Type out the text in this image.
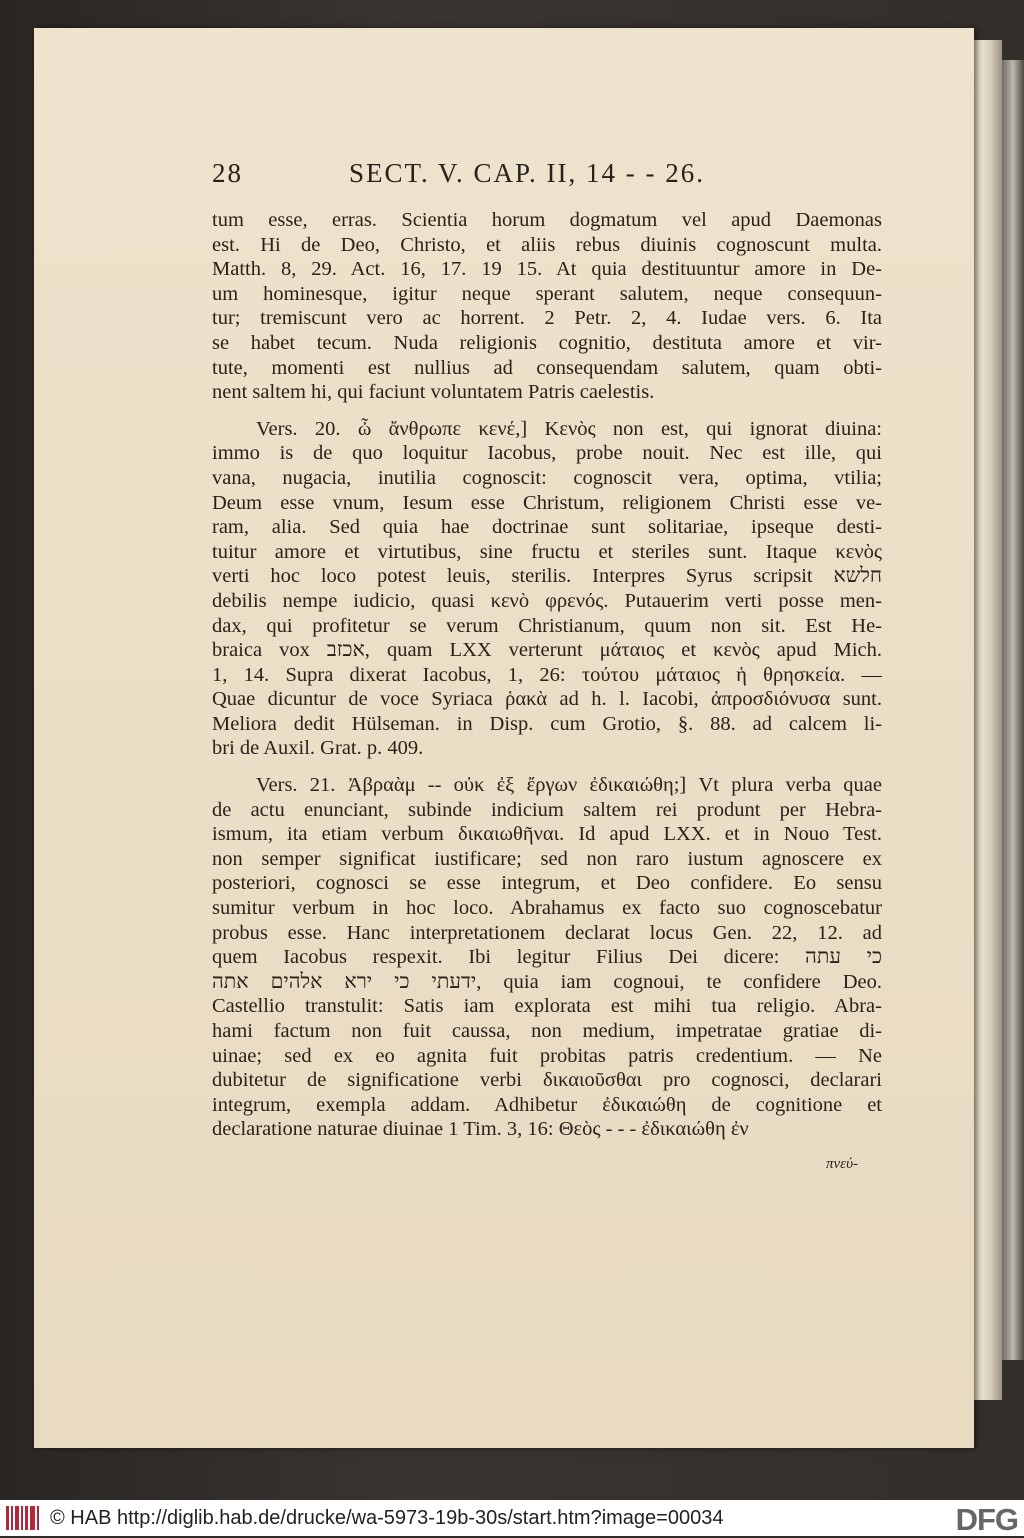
28	SECT. V. CAP. II, 14 - - 26.
tum esse, erras. Scientia horum dogmatum vel apud Daemonas
est. Hi de Deo, Christo, et aliis rebus diuinis cognoscunt multa.
Matth. 8, 29. Act. 16, 17. 19 15. At quia destituuntur amore in De-
um hominesque, igitur neque sperant salutem, neque consequun-
tur; tremiscunt vero ac horrent. 2 Petr. 2, 4. Iudae vers. 6. Ita
se habet tecum. Nuda religionis cognitio, destituta amore et vir-
tute, momenti est nullius ad consequendam salutem, quam obti-
nent saltem hi, qui faciunt voluntatem Patris caelestis.
Vers. 20. ὦ ἄνθρωπε κενέ,] Κενὸς non est, qui ignorat diuina:
immo is de quo loquitur Iacobus, probe nouit. Nec est ille, qui
vana, nugacia, inutilia cognoscit: cognoscit vera, optima, vtilia;
Deum esse vnum, Iesum esse Christum, religionem Christi esse ve-
ram, alia. Sed quia hae doctrinae sunt solitariae, ipseque desti-
tuitur amore et virtutibus, sine fructu et steriles sunt. Itaque κενὸς
verti hoc loco potest leuis, sterilis. Interpres Syrus scripsit חלשא
debilis nempe iudicio, quasi κενὸ φρενός. Putauerim verti posse men-
dax, qui profitetur se verum Christianum, quum non sit. Est He-
braica vox אכזב, quam LXX verterunt μάταιος et κενὸς apud Mich.
1, 14. Supra dixerat Iacobus, 1, 26: τούτου μάταιος ἡ θρησκεία. —
Quae dicuntur de voce Syriaca ῥακὰ ad h. l. Iacobi, ἀπροσδιόνυσα sunt.
Meliora dedit Hülseman. in Disp. cum Grotio, §. 88. ad calcem li-
bri de Auxil. Grat. p. 409.
Vers. 21. Ἀβραὰμ -- οὐκ ἐξ ἔργων ἐδικαιώθη;] Vt plura verba quae
de actu enunciant, subinde indicium saltem rei produnt per Hebra-
ismum, ita etiam verbum δικαιωθῆναι. Id apud LXX. et in Nouo Test.
non semper significat iustificare; sed non raro iustum agnoscere ex
posteriori, cognosci se esse integrum, et Deo confidere. Eo sensu
sumitur verbum in hoc loco. Abrahamus ex facto suo cognoscebatur
probus esse. Hanc interpretationem declarat locus Gen. 22, 12. ad
quem Iacobus respexit. Ibi legitur Filius Dei dicere: כי עתה
ידעתי כי ירא אלהים אתה, quia iam cognoui, te confidere Deo.
Castellio transtulit: Satis iam explorata est mihi tua religio. Abra-
hami factum non fuit caussa, non medium, impetratae gratiae di-
uinae; sed ex eo agnita fuit probitas patris credentium. — Ne
dubitetur de significatione verbi δικαιοῦσθαι pro cognosci, declarari
integrum, exempla addam. Adhibetur ἐδικαιώθη de cognitione et
declaratione naturae diuinae 1 Tim. 3, 16: Θεὸς - - - ἐδικαιώθη ἐν
πνεύ-
© HAB http://diglib.hab.de/drucke/wa-5973-19b-30s/start.htm?image=00034	DFG
